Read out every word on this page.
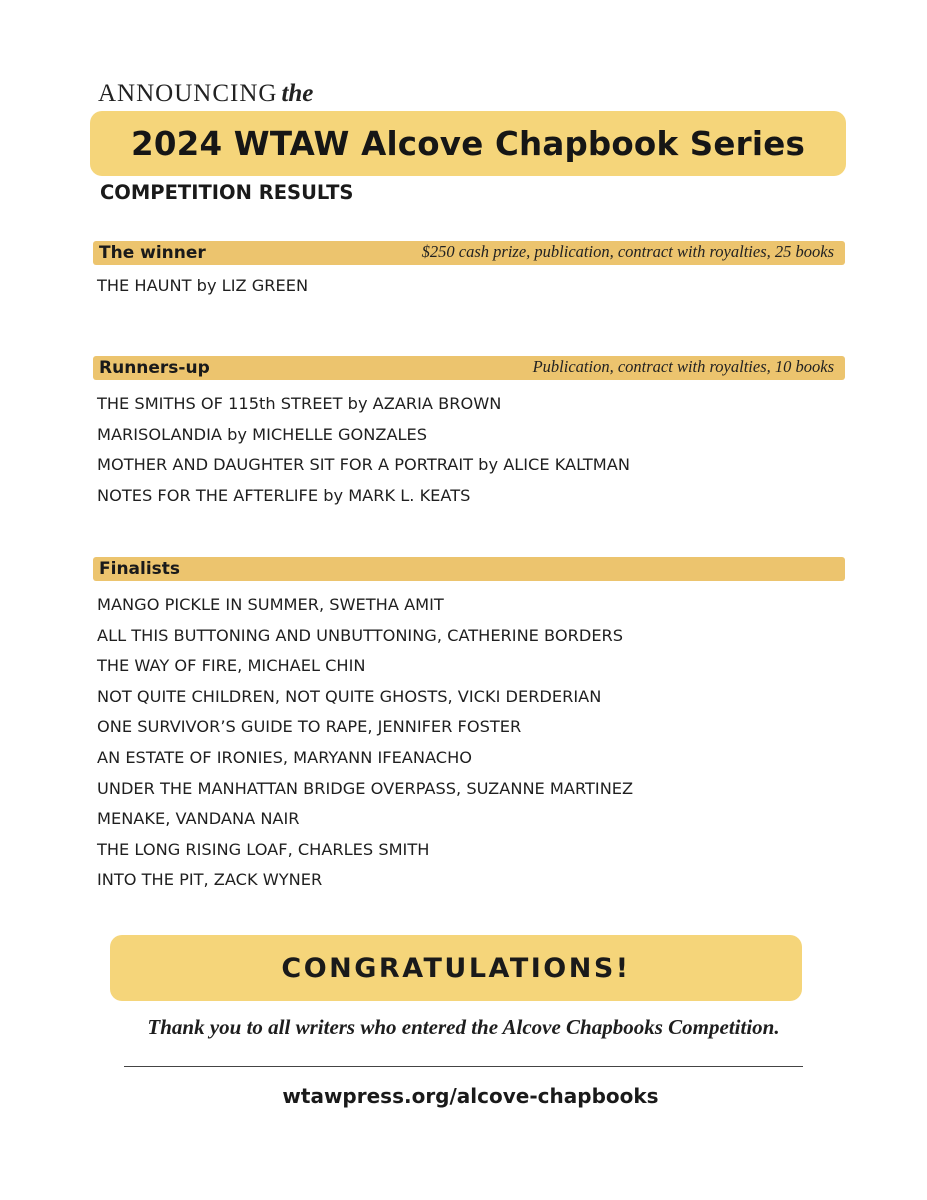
ANNOUNCING the
2024 WTAW Alcove Chapbook Series
COMPETITION RESULTS
The winner	$250 cash prize, publication, contract with royalties, 25 books
THE HAUNT by LIZ GREEN
Runners-up	Publication, contract with royalties, 10 books
THE SMITHS OF 115th STREET by AZARIA BROWN
MARISOLANDIA by MICHELLE GONZALES
MOTHER AND DAUGHTER SIT FOR A PORTRAIT by ALICE KALTMAN
NOTES FOR THE AFTERLIFE by MARK L. KEATS
Finalists
MANGO PICKLE IN SUMMER, SWETHA AMIT
ALL THIS BUTTONING AND UNBUTTONING, CATHERINE BORDERS
THE WAY OF FIRE, MICHAEL CHIN
NOT QUITE CHILDREN, NOT QUITE GHOSTS, VICKI DERDERIAN
ONE SURVIVOR’S GUIDE TO RAPE, JENNIFER FOSTER
AN ESTATE OF IRONIES, MARYANN IFEANACHO
UNDER THE MANHATTAN BRIDGE OVERPASS, SUZANNE MARTINEZ
MENAKE, VANDANA NAIR
THE LONG RISING LOAF, CHARLES SMITH
INTO THE PIT, ZACK WYNER
CONGRATULATIONS!
Thank you to all writers who entered the Alcove Chapbooks Competition.
wtawpress.org/alcove-chapbooks
